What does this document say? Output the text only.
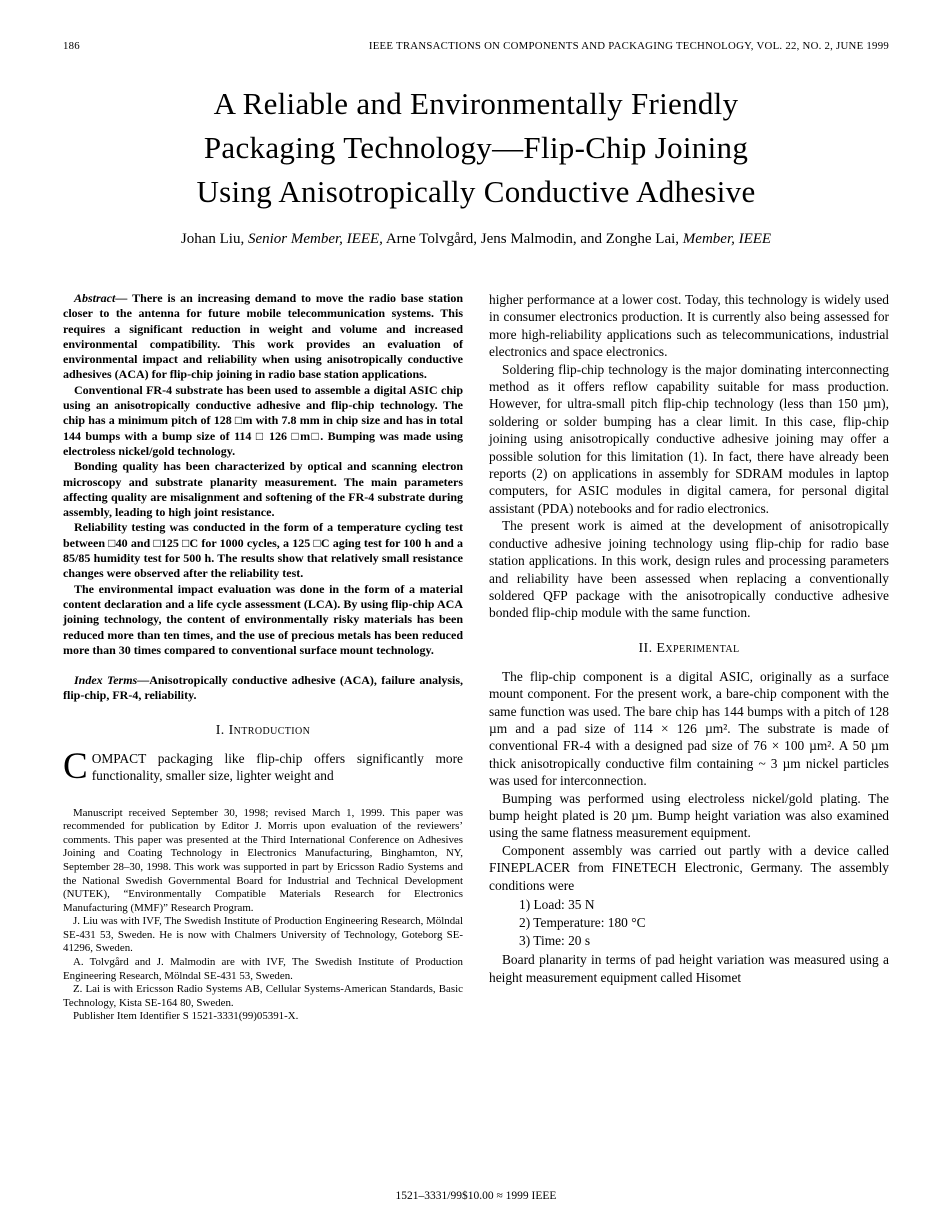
186	IEEE TRANSACTIONS ON COMPONENTS AND PACKAGING TECHNOLOGY, VOL. 22, NO. 2, JUNE 1999
A Reliable and Environmentally Friendly
Packaging Technology—Flip-Chip Joining
Using Anisotropically Conductive Adhesive
Johan Liu, Senior Member, IEEE, Arne Tolvgård, Jens Malmodin, and Zonghe Lai, Member, IEEE

Abstract— There is an increasing demand to move the radio base station closer to the antenna for future mobile telecommunication systems. This requires a significant reduction in weight and volume and increased environmental compatibility. This work provides an evaluation of environmental impact and reliability when using anisotropically conductive adhesives (ACA) for flip-chip joining in radio base station applications.

Conventional FR-4 substrate has been used to assemble a digital ASIC chip using an anisotropically conductive adhesive and flip-chip technology. The chip has a minimum pitch of 128 □m with 7.8 mm in chip size and has in total 144 bumps with a bump size of 114 □ 126 □m□. Bumping was made using electroless nickel/gold technology.

Bonding quality has been characterized by optical and scanning electron microscopy and substrate planarity measurement. The main parameters affecting quality are misalignment and softening of the FR-4 substrate during assembly, leading to high joint resistance.

Reliability testing was conducted in the form of a temperature cycling test between □40 and □125 □C for 1000 cycles, a 125 □C aging test for 100 h and a 85/85 humidity test for 500 h. The results show that relatively small resistance changes were observed after the reliability test.

The environmental impact evaluation was done in the form of a material content declaration and a life cycle assessment (LCA). By using flip-chip ACA joining technology, the content of environmentally risky materials has been reduced more than ten times, and the use of precious metals has been reduced more than 30 times compared to conventional surface mount technology.

Index Terms—Anisotropically conductive adhesive (ACA), failure analysis, flip-chip, FR-4, reliability.

I. Introduction

COMPACT packaging like flip-chip offers significantly more functionality, smaller size, lighter weight and

Manuscript received September 30, 1998; revised March 1, 1999. This paper was recommended for publication by Editor J. Morris upon evaluation of the reviewers’ comments. This paper was presented at the Third International Conference on Adhesives Joining and Coating Technology in Electronics Manufacturing, Binghamton, NY, September 28–30, 1998. This work was supported in part by Ericsson Radio Systems and the National Swedish Governmental Board for Industrial and Technical Development (NUTEK), “Environmentally Compatible Materials Research for Electronics Manufacturing (MMF)” Research Program.

J. Liu was with IVF, The Swedish Institute of Production Engineering Research, Mölndal SE-431 53, Sweden. He is now with Chalmers University of Technology, Goteborg SE-41296, Sweden.

A. Tolvgård and J. Malmodin are with IVF, The Swedish Institute of Production Engineering Research, Mölndal SE-431 53, Sweden.

Z. Lai is with Ericsson Radio Systems AB, Cellular Systems-American Standards, Basic Technology, Kista SE-164 80, Sweden.

Publisher Item Identifier S 1521-3331(99)05391-X.

higher performance at a lower cost. Today, this technology is widely used in consumer electronics production. It is currently also being assessed for more high-reliability applications such as telecommunications, industrial electronics and space electronics.

Soldering flip-chip technology is the major dominating interconnecting method as it offers reflow capability suitable for mass production. However, for ultra-small pitch flip-chip technology (less than 150 µm), soldering or solder bumping has a clear limit. In this case, flip-chip joining using anisotropically conductive adhesive joining may offer a possible solution for this limitation (1). In fact, there have already been reports (2) on applications in assembly for SDRAM modules in laptop computers, for ASIC modules in digital camera, for personal digital assistant (PDA) notebooks and for radio electronics.

The present work is aimed at the development of anisotropically conductive adhesive joining technology using flip-chip for radio base station applications. In this work, design rules and processing parameters and reliability have been assessed when replacing a conventionally soldered QFP package with the anisotropically conductive adhesive bonded flip-chip module with the same function.

II. Experimental

The flip-chip component is a digital ASIC, originally as a surface mount component. For the present work, a bare-chip component with the same function was used. The bare chip has 144 bumps with a pitch of 128 µm and a pad size of 114 × 126 µm². The substrate is made of conventional FR-4 with a designed pad size of 76 × 100 µm². A 50 µm thick anisotropically conductive film containing ~ 3 µm nickel particles was used for interconnection.

Bumping was performed using electroless nickel/gold plating. The bump height plated is 20 µm. Bump height variation was also examined using the same flatness measurement equipment.

Component assembly was carried out partly with a device called FINEPLACER from FINETECH Electronic, Germany. The assembly conditions were

1) Load: 35 N
2) Temperature: 180 °C
3) Time: 20 s

Board planarity in terms of pad height variation was measured using a height measurement equipment called Hisomet

1521–3331/99$10.00 ≈ 1999 IEEE
